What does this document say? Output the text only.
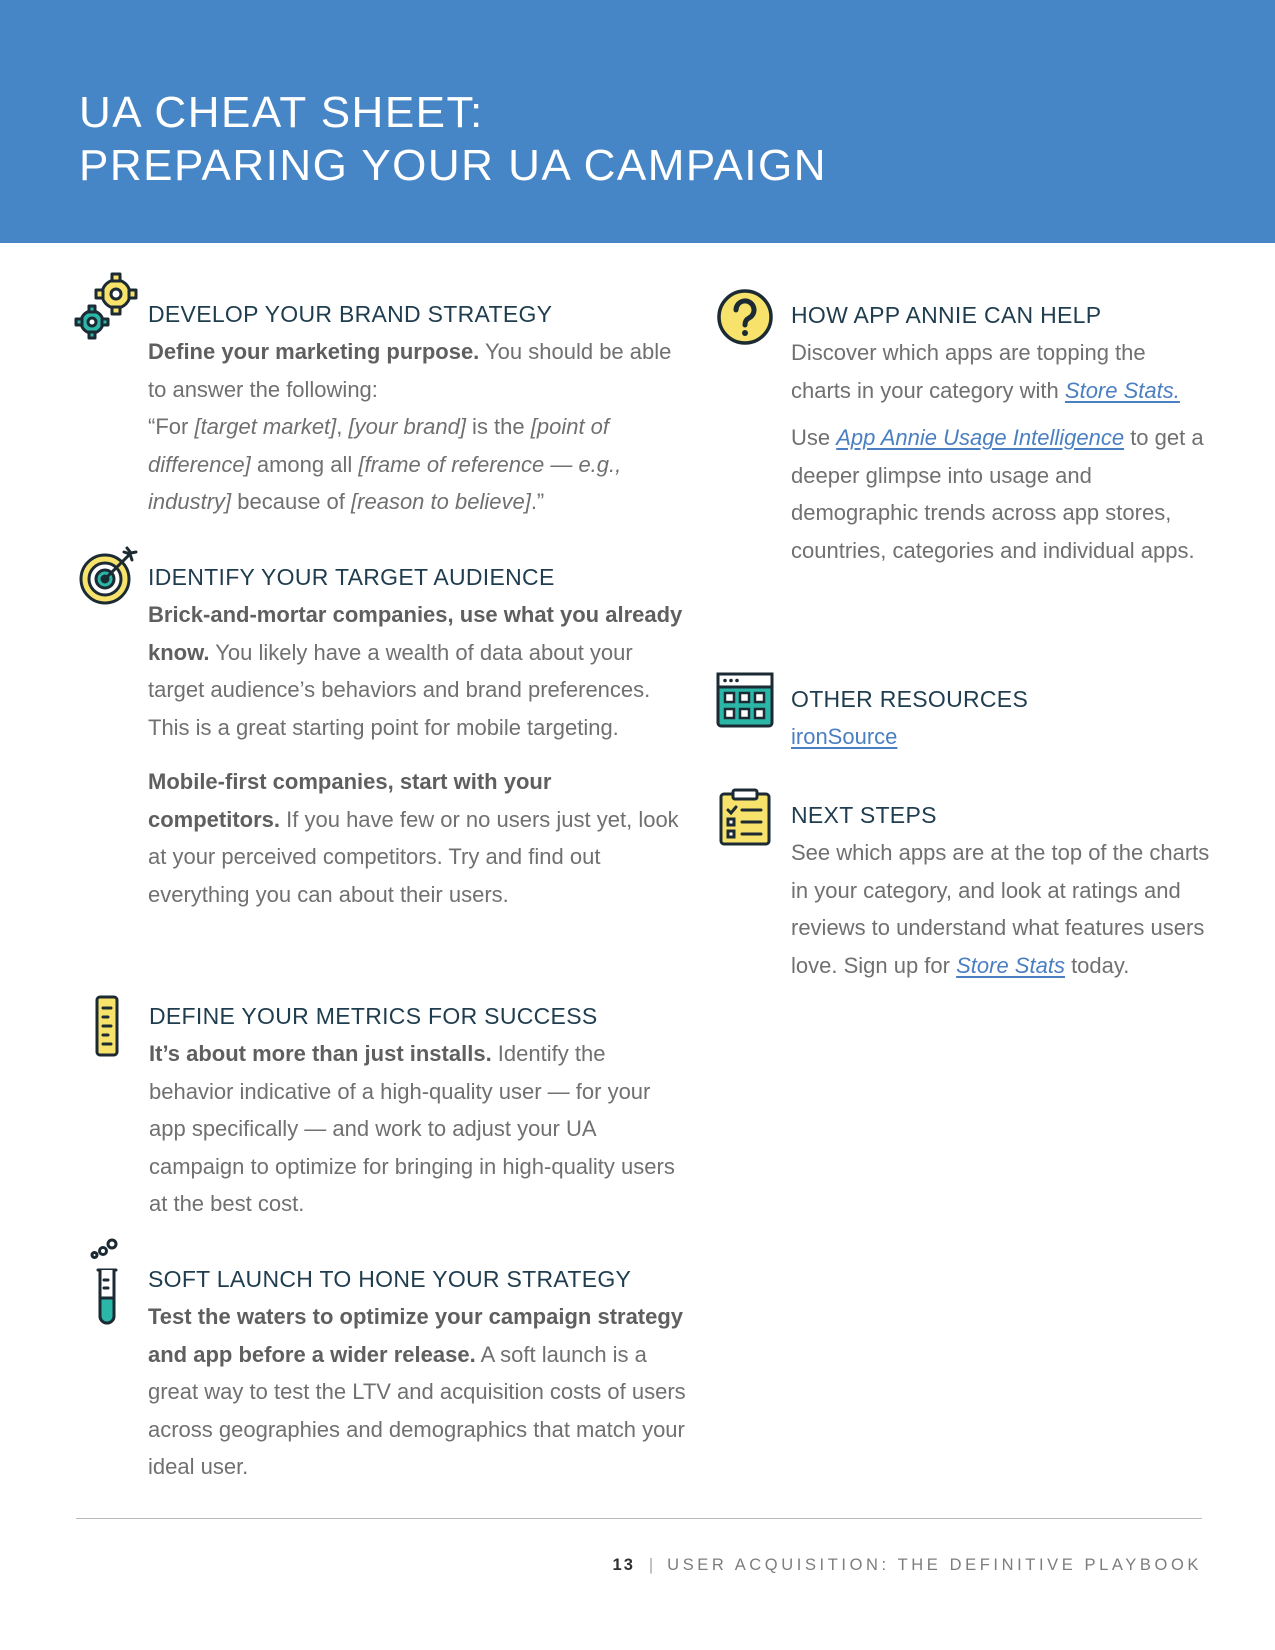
UA CHEAT SHEET:
PREPARING YOUR UA CAMPAIGN
DEVELOP YOUR BRAND STRATEGY

Define your marketing purpose. You should be able to answer the following:

“For [target market], [your brand] is the [point of difference] among all [frame of reference — e.g., industry] because of [reason to believe].”

IDENTIFY YOUR TARGET AUDIENCE

Brick-and-mortar companies, use what you already know. You likely have a wealth of data about your target audience’s behaviors and brand preferences. This is a great starting point for mobile targeting.

Mobile-first companies, start with your competitors. If you have few or no users just yet, look at your perceived competitors. Try and find out everything you can about their users.

DEFINE YOUR METRICS FOR SUCCESS

It’s about more than just installs. Identify the behavior indicative of a high-quality user — for your app specifically — and work to adjust your UA campaign to optimize for bringing in high-quality users at the best cost.

SOFT LAUNCH TO HONE YOUR STRATEGY

Test the waters to optimize your campaign strategy and app before a wider release. A soft launch is a great way to test the LTV and acquisition costs of users across geographies and demographics that match your ideal user.

HOW APP ANNIE CAN HELP

Discover which apps are topping the charts in your category with Store Stats.

Use App Annie Usage Intelligence to get a deeper glimpse into usage and demographic trends across app stores, countries, categories and individual apps.

OTHER RESOURCES
ironSource
NEXT STEPS

See which apps are at the top of the charts in your category, and look at ratings and reviews to understand what features users love. Sign up for Store Stats today.

13 | USER ACQUISITION: THE DEFINITIVE PLAYBOOK
